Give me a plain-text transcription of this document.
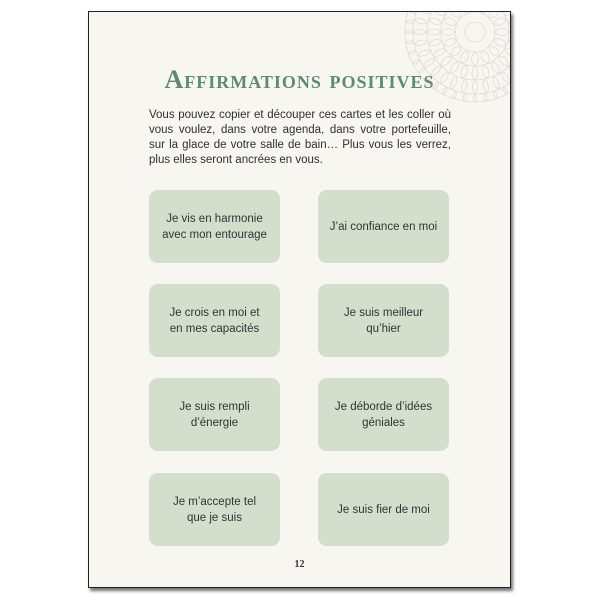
Affirmations positives
Vous pouvez copier et découper ces cartes et les coller où vous voulez, dans votre agenda, dans votre portefeuille, sur la glace de votre salle de bain… Plus vous les verrez, plus elles seront ancrées en vous.
Je vis en harmonie
avec mon entourage
J’ai confiance en moi
Je crois en moi et
en mes capacités
Je suis meilleur qu’hier
Je suis rempli
d’énergie
Je déborde d’idées
géniales
Je m’accepte tel
que je suis
Je suis fier de moi
12
